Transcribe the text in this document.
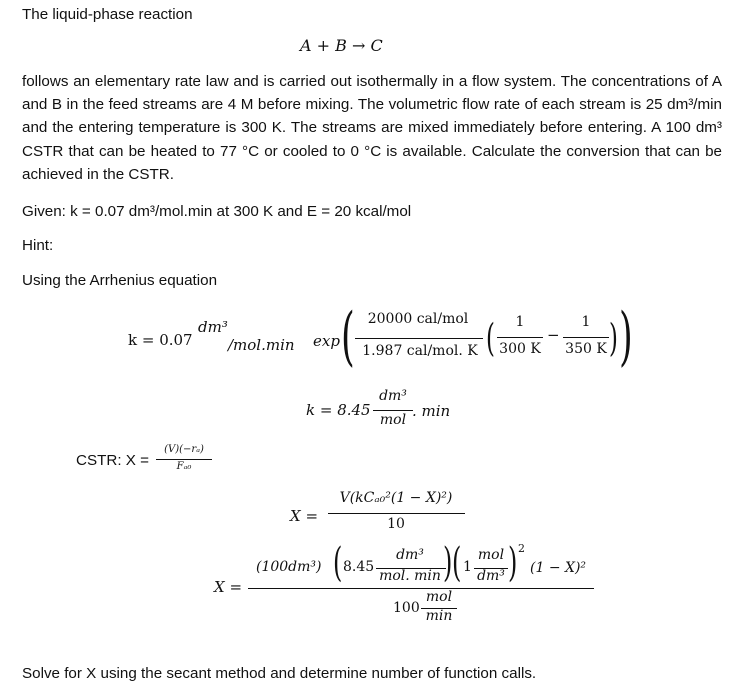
The liquid-phase reaction
A + B → C
follows an elementary rate law and is carried out isothermally in a flow system. The concentrations of A and B in the feed streams are 4 M before mixing. The volumetric flow rate of each stream is 25 dm³/min and the entering temperature is 300 K. The streams are mixed immediately before entering. A 100 dm³ CSTR that can be heated to 77 °C or cooled to 0 °C is available. Calculate the conversion that can be achieved in the CSTR.
Given: k = 0.07 dm³/mol.min at 300 K and E = 20 kcal/mol
Hint:
Using the Arrhenius equation
k = 0.07
dm³
/mol.min exp ( 20000 cal/mol
1.987 cal/mol. K (	1
300 K
−
1
350 K ) )
k = 8.45
dm³
mol . min
CSTR: X =
(V)(−rₐ)
Fₐ₀
X =
V(kCₐ₀²(1 − X)²)
10
X =
(100dm³) ( 8.45
dm³
mol. min ) ( 1
mol
dm³ ) 2
(1 − X)²
100
mol
min
Solve for X using the secant method and determine number of function calls.
